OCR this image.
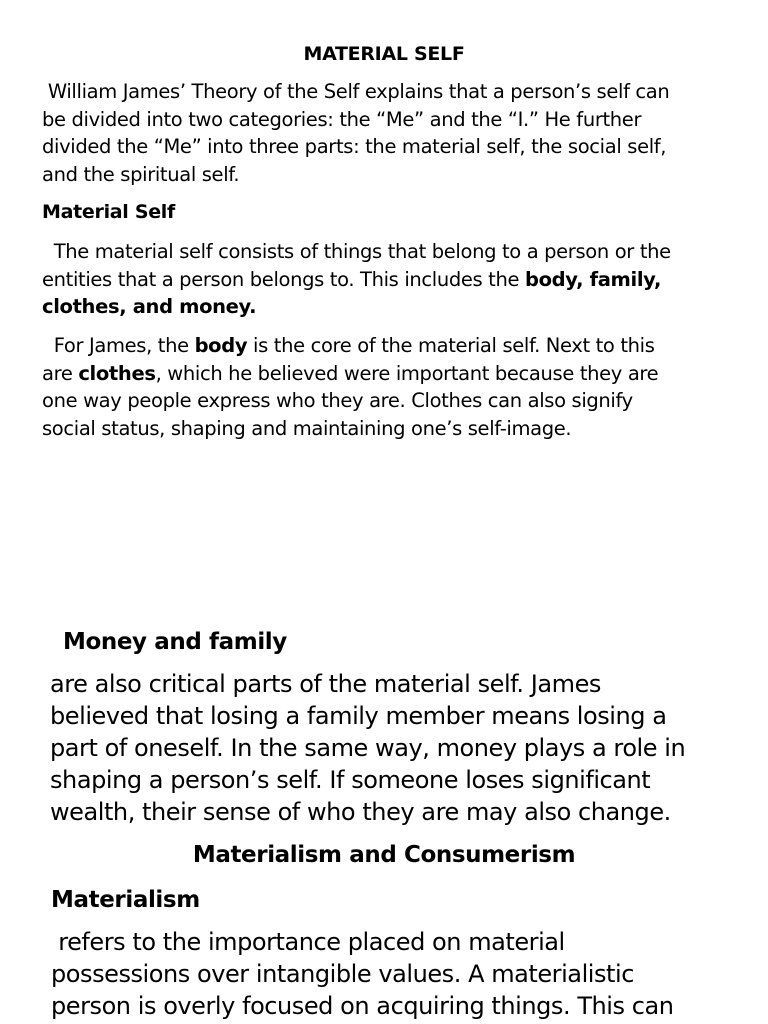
MATERIAL SELF
William James’ Theory of the Self explains that a person’s self can
be divided into two categories: the “Me” and the “I.” He further
divided the “Me” into three parts: the material self, the social self,
and the spiritual self.
Material Self
The material self consists of things that belong to a person or the
entities that a person belongs to. This includes the body, family,
clothes, and money.
For James, the body is the core of the material self. Next to this
are clothes, which he believed were important because they are
one way people express who they are. Clothes can also signify
social status, shaping and maintaining one’s self-image.
Money and family
are also critical parts of the material self. James
believed that losing a family member means losing a
part of oneself. In the same way, money plays a role in
shaping a person’s self. If someone loses significant
wealth, their sense of who they are may also change.
Materialism and Consumerism
Materialism
refers to the importance placed on material
possessions over intangible values. A materialistic
person is overly focused on acquiring things. This can
